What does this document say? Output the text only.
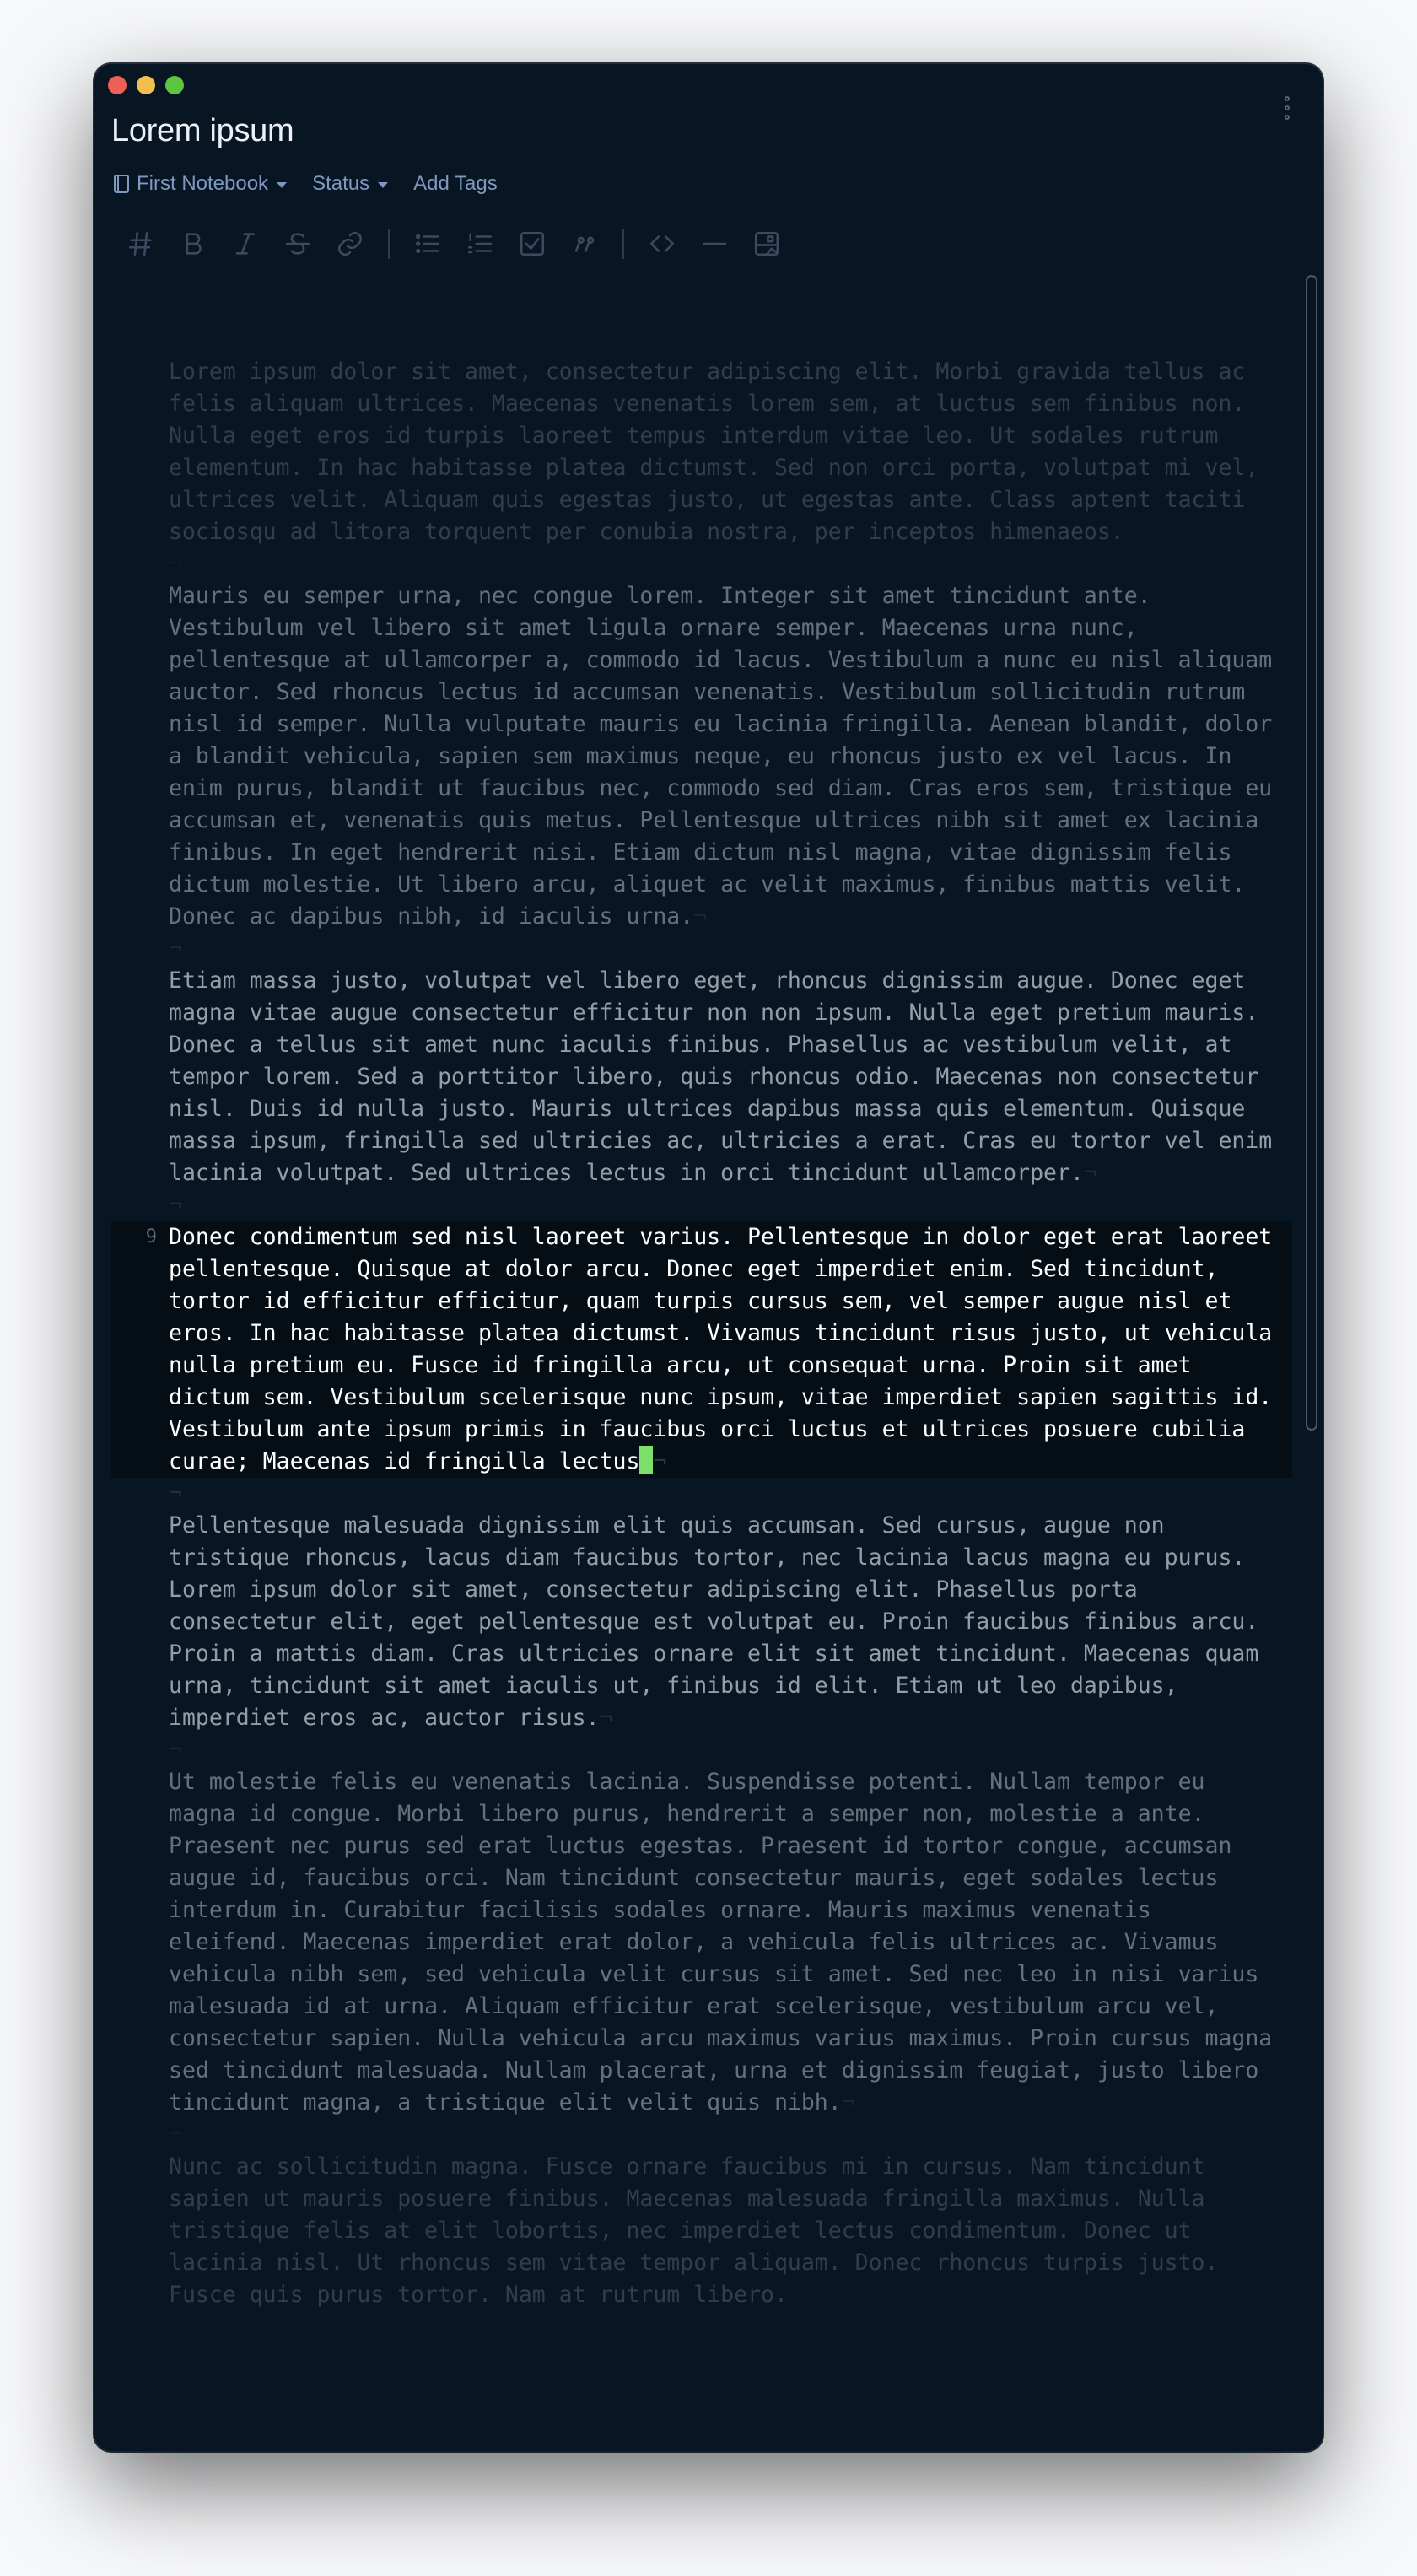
Lorem ipsum
First Notebook Status Add Tags
Lorem ipsum dolor sit amet, consectetur adipiscing elit. Morbi gravida tellus ac felis aliquam ultrices. Maecenas venenatis lorem sem, at luctus sem finibus non. Nulla eget eros id turpis laoreet tempus interdum vitae leo. Ut sodales rutrum elementum. In hac habitasse platea dictumst. Sed non orci porta, volutpat mi vel, ultrices velit. Aliquam quis egestas justo, ut egestas ante. Class aptent taciti sociosqu ad litora torquent per conubia nostra, per inceptos himenaeos.
¬
Mauris eu semper urna, nec congue lorem. Integer sit amet tincidunt ante. Vestibulum vel libero sit amet ligula ornare semper. Maecenas urna nunc, pellentesque at ullamcorper a, commodo id lacus. Vestibulum a nunc eu nisl aliquam auctor. Sed rhoncus lectus id accumsan venenatis. Vestibulum sollicitudin rutrum nisl id semper. Nulla vulputate mauris eu lacinia fringilla. Aenean blandit, dolor a blandit vehicula, sapien sem maximus neque, eu rhoncus justo ex vel lacus. In enim purus, blandit ut faucibus nec, commodo sed diam. Cras eros sem, tristique eu accumsan et, venenatis quis metus. Pellentesque ultrices nibh sit amet ex lacinia finibus. In eget hendrerit nisi. Etiam dictum nisl magna, vitae dignissim felis dictum molestie. Ut libero arcu, aliquet ac velit maximus, finibus mattis velit. Donec ac dapibus nibh, id iaculis urna.¬
¬
Etiam massa justo, volutpat vel libero eget, rhoncus dignissim augue. Donec eget magna vitae augue consectetur efficitur non non ipsum. Nulla eget pretium mauris. Donec a tellus sit amet nunc iaculis finibus. Phasellus ac vestibulum velit, at tempor lorem. Sed a porttitor libero, quis rhoncus odio. Maecenas non consectetur nisl. Duis id nulla justo. Mauris ultrices dapibus massa quis elementum. Quisque massa ipsum, fringilla sed ultricies ac, ultricies a erat. Cras eu tortor vel enim lacinia volutpat. Sed ultrices lectus in orci tincidunt ullamcorper.¬
¬
9 Donec condimentum sed nisl laoreet varius. Pellentesque in dolor eget erat laoreet pellentesque. Quisque at dolor arcu. Donec eget imperdiet enim. Sed tincidunt, tortor id efficitur efficitur, quam turpis cursus sem, vel semper augue nisl et eros. In hac habitasse platea dictumst. Vivamus tincidunt risus justo, ut vehicula nulla pretium eu. Fusce id fringilla arcu, ut consequat urna. Proin sit amet dictum sem. Vestibulum scelerisque nunc ipsum, vitae imperdiet sapien sagittis id. Vestibulum ante ipsum primis in faucibus orci luctus et ultrices posuere cubilia curae; Maecenas id fringilla lectus ¬
¬
Pellentesque malesuada dignissim elit quis accumsan. Sed cursus, augue non tristique rhoncus, lacus diam faucibus tortor, nec lacinia lacus magna eu purus. Lorem ipsum dolor sit amet, consectetur adipiscing elit. Phasellus porta consectetur elit, eget pellentesque est volutpat eu. Proin faucibus finibus arcu. Proin a mattis diam. Cras ultricies ornare elit sit amet tincidunt. Maecenas quam urna, tincidunt sit amet iaculis ut, finibus id elit. Etiam ut leo dapibus, imperdiet eros ac, auctor risus.¬
¬
Ut molestie felis eu venenatis lacinia. Suspendisse potenti. Nullam tempor eu magna id congue. Morbi libero purus, hendrerit a semper non, molestie a ante. Praesent nec purus sed erat luctus egestas. Praesent id tortor congue, accumsan augue id, faucibus orci. Nam tincidunt consectetur mauris, eget sodales lectus interdum in. Curabitur facilisis sodales ornare. Mauris maximus venenatis eleifend. Maecenas imperdiet erat dolor, a vehicula felis ultrices ac. Vivamus vehicula nibh sem, sed vehicula velit cursus sit amet. Sed nec leo in nisi varius malesuada id at urna. Aliquam efficitur erat scelerisque, vestibulum arcu vel, consectetur sapien. Nulla vehicula arcu maximus varius maximus. Proin cursus magna sed tincidunt malesuada. Nullam placerat, urna et dignissim feugiat, justo libero tincidunt magna, a tristique elit velit quis nibh.¬
¬
Nunc ac sollicitudin magna. Fusce ornare faucibus mi in cursus. Nam tincidunt sapien ut mauris posuere finibus. Maecenas malesuada fringilla maximus. Nulla tristique felis at elit lobortis, nec imperdiet lectus condimentum. Donec ut lacinia nisl. Ut rhoncus sem vitae tempor aliquam. Donec rhoncus turpis justo. Fusce quis purus tortor. Nam at rutrum libero.
